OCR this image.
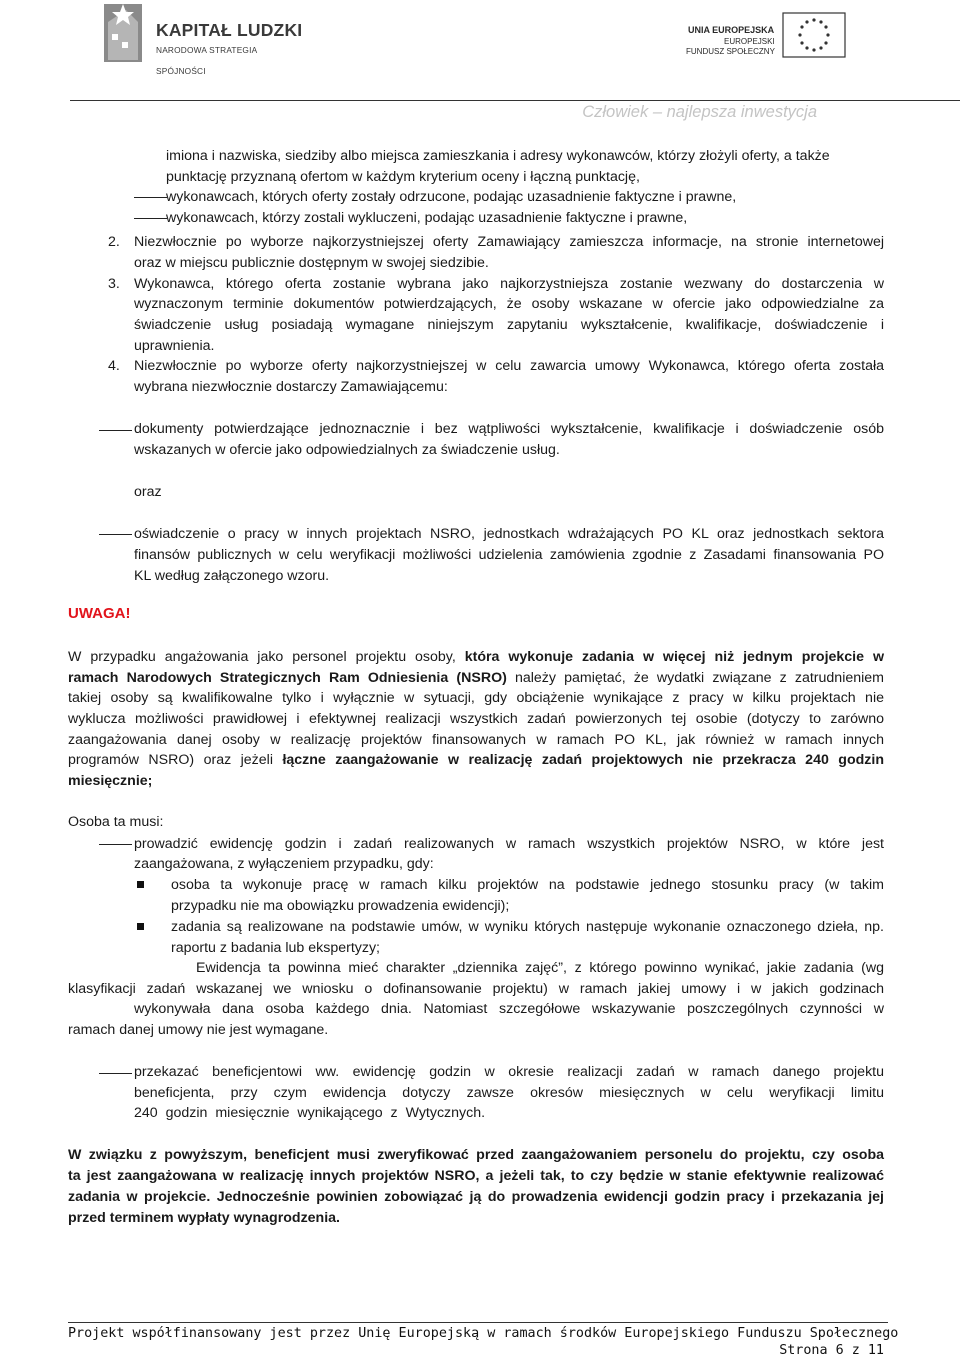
KAPITAŁ LUDZKI
NARODOWA STRATEGIA SPÓJNOŚCI
UNIA EUROPEJSKA
EUROPEJSKI
FUNDUSZ SPOŁECZNY
Człowiek – najlepsza inwestycja
imiona i nazwiska, siedziby albo miejsca zamieszkania i adresy wykonawców, którzy złożyli oferty, a także
punktację przyznaną ofertom w każdym kryterium oceny i łączną punktację,
wykonawcach, których oferty zostały odrzucone, podając uzasadnienie faktyczne i prawne,
wykonawcach, którzy zostali wykluczeni, podając uzasadnienie faktyczne i prawne,
2. Niezwłocznie po wyborze najkorzystniejszej oferty Zamawiający zamieszcza informacje, na stronie internetowej
oraz w miejscu publicznie dostępnym w swojej siedzibie.
3. Wykonawca, którego oferta zostanie wybrana jako najkorzystniejsza zostanie wezwany do dostarczenia w
wyznaczonym terminie dokumentów potwierdzających, że osoby wskazane w ofercie jako odpowiedzialne za
świadczenie usług posiadają wymagane niniejszym zapytaniu wykształcenie, kwalifikacje, doświadczenie i
uprawnienia.
4. Niezwłocznie po wyborze oferty najkorzystniejszej w celu zawarcia umowy Wykonawca, którego oferta została
wybrana niezwłocznie dostarczy Zamawiającemu:
dokumenty potwierdzające jednoznacznie i bez wątpliwości wykształcenie, kwalifikacje i doświadczenie osób
wskazanych w ofercie jako odpowiedzialnych za świadczenie usług.
oraz
oświadczenie o pracy w innych projektach NSRO, jednostkach wdrażających PO KL oraz jednostkach sektora
finansów publicznych w celu weryfikacji możliwości udzielenia zamówienia zgodnie z Zasadami finansowania PO
KL według załączonego wzoru.
UWAGA!
W przypadku angażowania jako personel projektu osoby, która wykonuje zadania w więcej niż jednym projekcie w
ramach Narodowych Strategicznych Ram Odniesienia (NSRO) należy pamiętać, że wydatki związane z zatrudnieniem
takiej osoby są kwalifikowalne tylko i wyłącznie w sytuacji, gdy obciążenie wynikające z pracy w kilku projektach nie
wyklucza możliwości prawidłowej i efektywnej realizacji wszystkich zadań powierzonych tej osobie (dotyczy to zarówno
zaangażowania danej osoby w realizację projektów finansowanych w ramach PO KL, jak również w ramach innych
programów NSRO) oraz jeżeli łączne zaangażowanie w realizację zadań projektowych nie przekracza 240 godzin
miesięcznie;
Osoba ta musi:
prowadzić ewidencję godzin i zadań realizowanych w ramach wszystkich projektów NSRO, w które jest
zaangażowana, z wyłączeniem przypadku, gdy:
osoba ta wykonuje pracę w ramach kilku projektów na podstawie jednego stosunku pracy (w takim
przypadku nie ma obowiązku prowadzenia ewidencji);
zadania są realizowane na podstawie umów, w wyniku których następuje wykonanie oznaczonego dzieła, np.
raportu z badania lub ekspertyzy;
Ewidencja ta powinna mieć charakter „dziennika zajęć”, z którego powinno wynikać, jakie zadania (wg
klasyfikacji zadań wskazanej we wniosku o dofinansowanie projektu) w ramach jakiej umowy i w jakich godzinach
wykonywała dana osoba każdego dnia. Natomiast szczegółowe wskazywanie poszczególnych czynności w
ramach danej umowy nie jest wymagane.
przekazać beneficjentowi ww. ewidencję godzin w okresie realizacji zadań w ramach danego projektu
beneficjenta, przy czym ewidencja dotyczy zawsze okresów miesięcznych w celu weryfikacji limitu
240 godzin miesięcznie wynikającego z Wytycznych.
W związku z powyższym, beneficjent musi zweryfikować przed zaangażowaniem personelu do projektu, czy osoba
ta jest zaangażowana w realizację innych projektów NSRO, a jeżeli tak, to czy będzie w stanie efektywnie realizować
zadania w projekcie. Jednocześnie powinien zobowiązać ją do prowadzenia ewidencji godzin pracy i przekazania jej
przed terminem wypłaty wynagrodzenia.
Projekt współfinansowany jest przez Unię Europejską w ramach środków Europejskiego Funduszu Społecznego
Strona 6 z 11
